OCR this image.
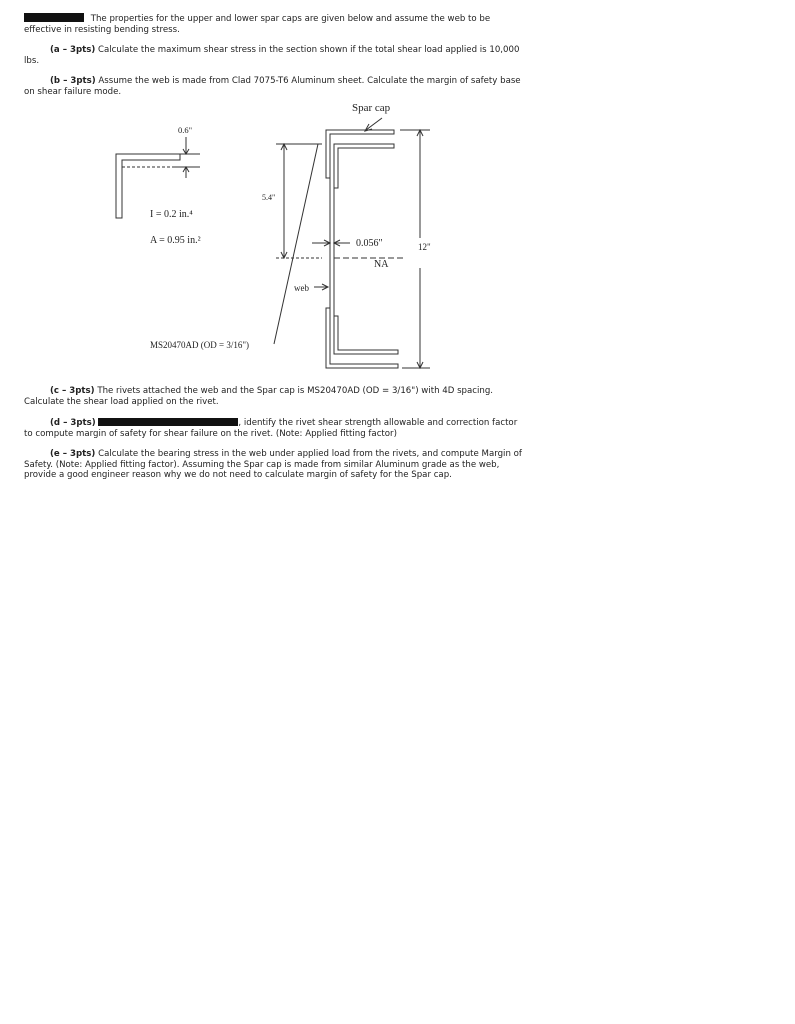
The properties for the upper and lower spar caps are given below and assume the web to be effective in resisting bending stress.
(a – 3pts) Calculate the maximum shear stress in the section shown if the total shear load applied is 10,000 lbs.
(b – 3pts) Assume the web is made from Clad 7075-T6 Aluminum sheet. Calculate the margin of safety base on shear failure mode.
Spar cap
0.6"
I = 0.2 in.⁴
A = 0.95 in.²
5.4"
0.056"
NA
12"
web
MS20470AD (OD = 3/16")
(c – 3pts) The rivets attached the web and the Spar cap is MS20470AD (OD = 3/16") with 4D spacing. Calculate the shear load applied on the rivet.
(d – 3pts)	, identify the rivet shear strength allowable and correction factor to compute margin of safety for shear failure on the rivet. (Note: Applied fitting factor)
(e – 3pts) Calculate the bearing stress in the web under applied load from the rivets, and compute Margin of Safety. (Note: Applied fitting factor). Assuming the Spar cap is made from similar Aluminum grade as the web, provide a good engineer reason why we do not need to calculate margin of safety for the Spar cap.
